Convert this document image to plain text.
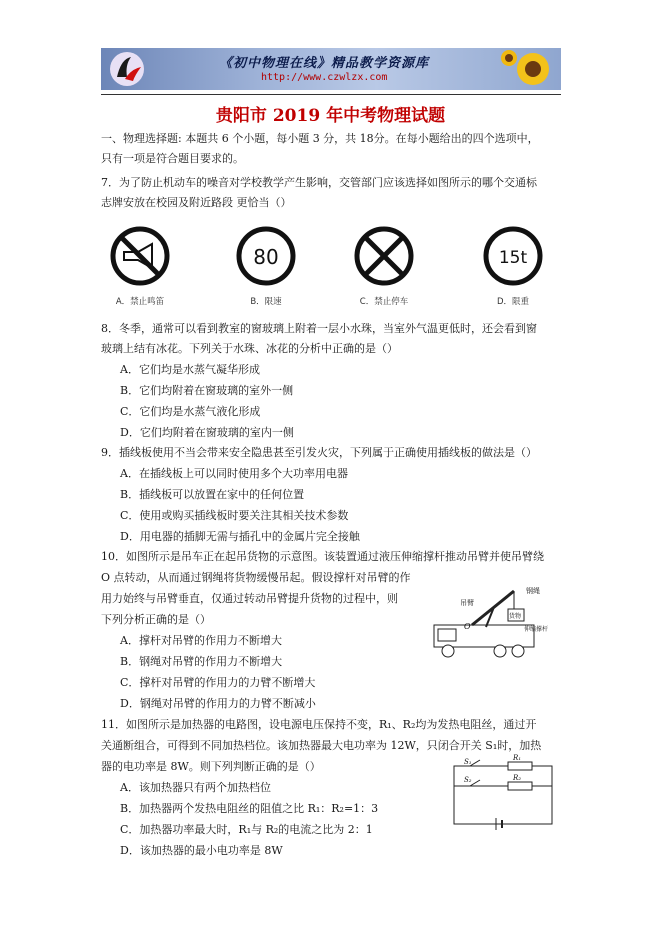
《初中物理在线》精品教学资源库
http://www.czwlzx.com
贵阳市 2019 年中考物理试题
一、物理选择题: 本题共 6 个小题，每小题 3 分，共 18分。在每小题给出的四个选项中，
只有一项是符合题目要求的。
7．为了防止机动车的噪音对学校教学产生影响，交管部门应该选择如图所示的哪个交通标
志牌安放在校园及附近路段 更恰当（）
A．禁止鸣笛
80
B．限速	C．禁止停车
15t
D．限重
8．冬季，通常可以看到教室的窗玻璃上附着一层小水珠，当室外气温更低时，还会看到窗
玻璃上结有冰花。下列关于水珠、冰花的分析中正确的是（）
A．它们均是水蒸气凝华形成
B．它们均附着在窗玻璃的室外一侧
C．它们均是水蒸气液化形成
D．它们均附着在窗玻璃的室内一侧
9．插线板使用不当会带来安全隐患甚至引发火灾，下列属于正确使用插线板的做法是（）
A．在插线板上可以同时使用多个大功率用电器
B．插线板可以放置在家中的任何位置
C．使用或购买插线板时要关注其相关技术参数
D．用电器的插脚无需与插孔中的金属片完全接触
10．如图所示是吊车正在起吊货物的示意图。该装置通过液压伸缩撑杆推动吊臂并使吊臂绕
O 点转动，从而通过钢绳将货物缓慢吊起。假设撑杆对吊臂的作
用力始终与吊臂垂直，仅通过转动吊臂提升货物的过程中，则
下列分析正确的是（）
A．撑杆对吊臂的作用力不断增大
B．钢绳对吊臂的作用力不断增大
C．撑杆对吊臂的作用力的力臂不断增大
D．钢绳对吊臂的作用力的力臂不断减小
O
吊臂
钢绳
货物
伸缩撑杆
11．如图所示是加热器的电路图，设电源电压保持不变，R₁、R₂均为发热电阻丝，通过开
关通断组合，可得到不同加热档位。该加热器最大电功率为 12W，只闭合开关 S₁时，加热
器的电功率是 8W。则下列判断正确的是（）
A．该加热器只有两个加热档位
B．加热器两个发热电阻丝的阻值之比 R₁：R₂=1：3
C．加热器功率最大时，R₁与 R₂的电流之比为 2：1
D．该加热器的最小电功率是 8W
S₁
S₂
R₁
R₂
